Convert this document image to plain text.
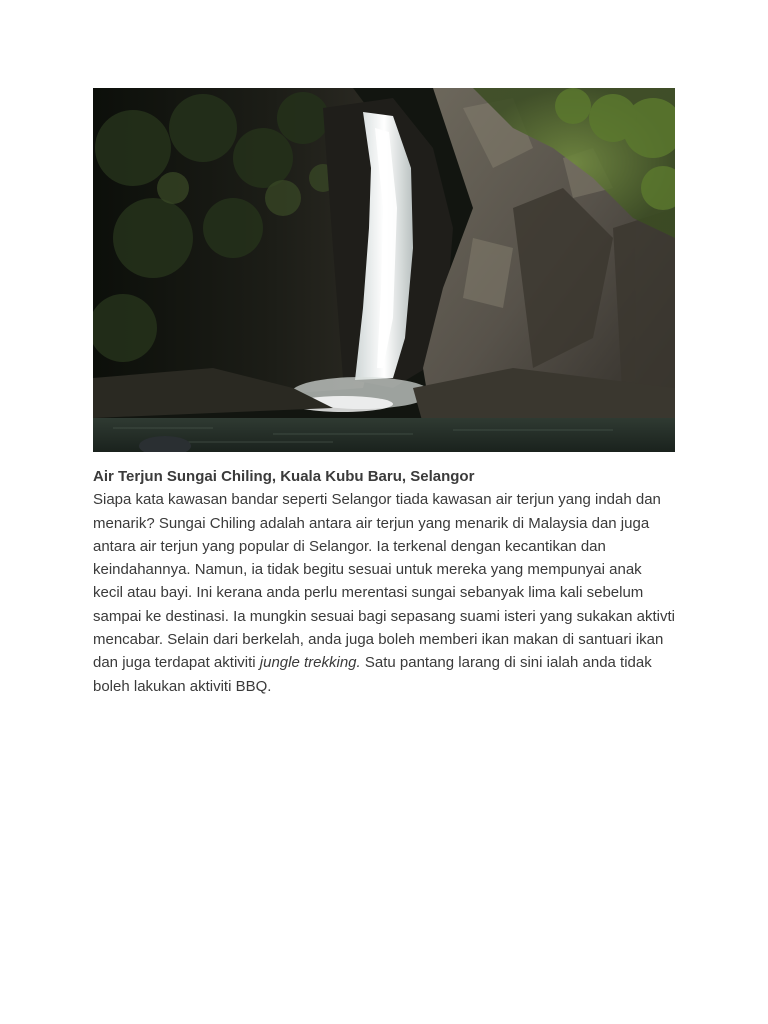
Air Terjun Sungai Chiling, Kuala Kubu Baru, Selangor

Siapa kata kawasan bandar seperti Selangor tiada kawasan air terjun yang indah dan menarik? Sungai Chiling adalah antara air terjun yang menarik di Malaysia dan juga antara air terjun yang popular di Selangor. Ia terkenal dengan kecantikan dan keindahannya. Namun, ia tidak begitu sesuai untuk mereka yang mempunyai anak kecil atau bayi. Ini kerana anda perlu merentasi sungai sebanyak lima kali sebelum sampai ke destinasi. Ia mungkin sesuai bagi sepasang suami isteri yang sukakan aktivti mencabar. Selain dari berkelah, anda juga boleh memberi ikan makan di santuari ikan dan juga terdapat aktiviti jungle trekking. Satu pantang larang di sini ialah anda tidak boleh lakukan aktiviti BBQ.
